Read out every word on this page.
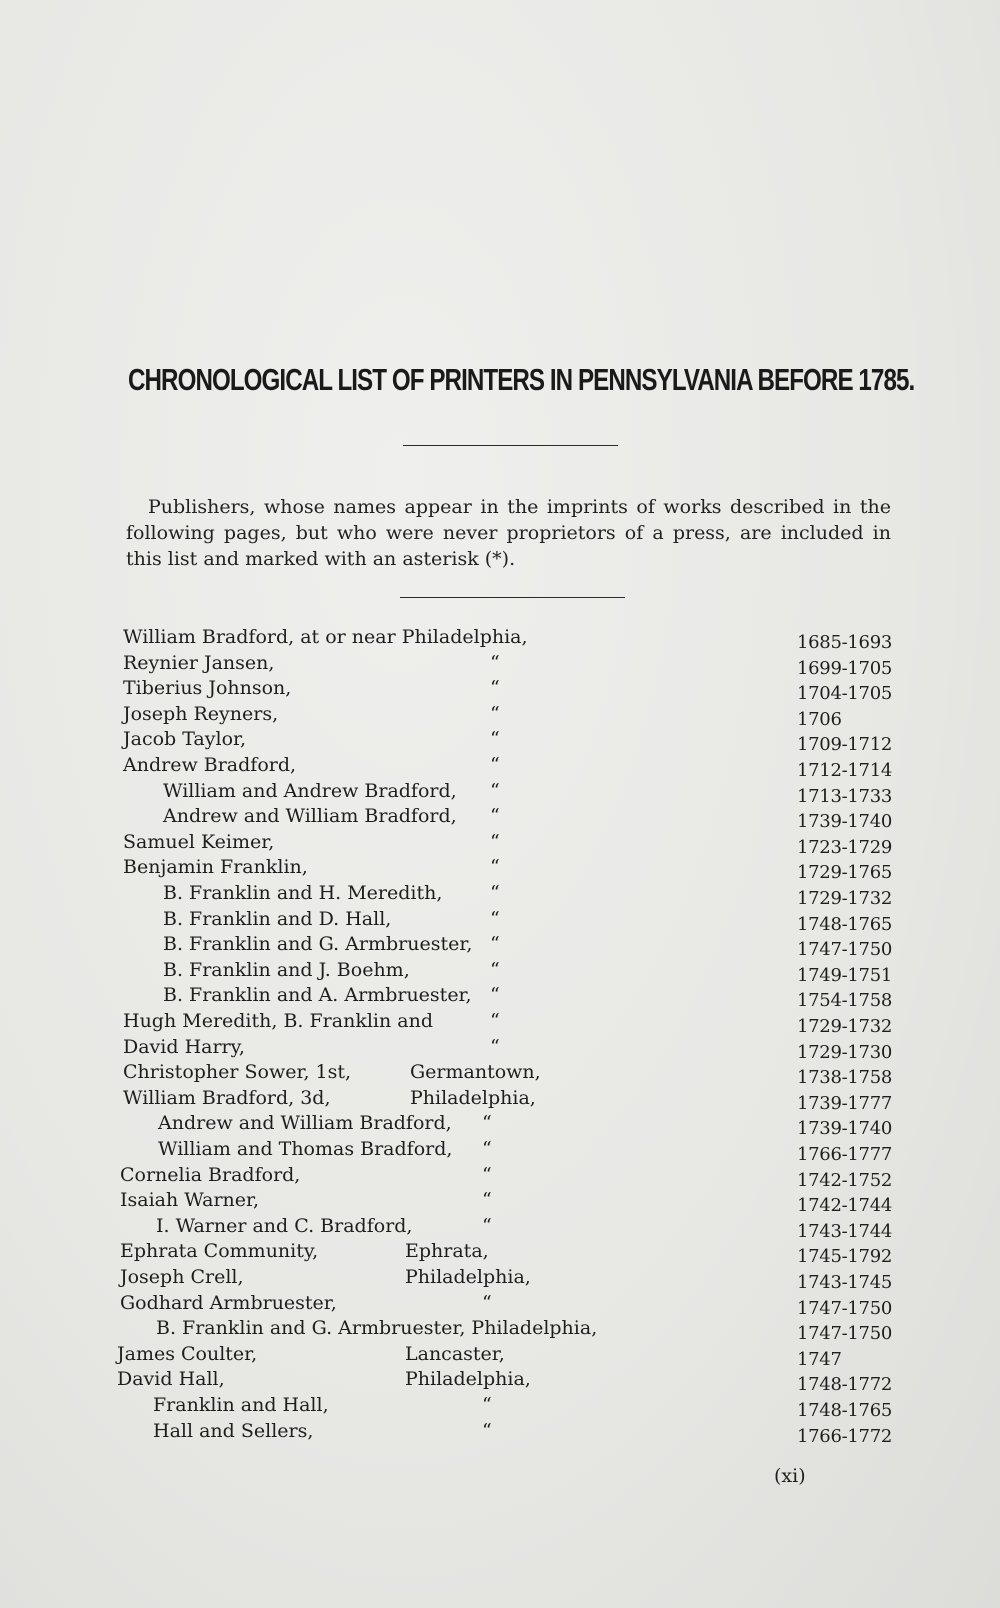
CHRONOLOGICAL LIST OF PRINTERS IN PENNSYLVANIA BEFORE 1785.

Publishers, whose names appear in the imprints of works described in the following pages, but who were never proprietors of a press, are included in this list and marked with an asterisk (*).

William Bradford, at or near Philadelphia,	1685-1693
Reynier Jansen,	“	1699-1705
Tiberius Johnson,	“	1704-1705
Joseph Reyners,	“	1706
Jacob Taylor,	“	1709-1712
Andrew Bradford,	“	1712-1714
William and Andrew Bradford, “	1713-1733
Andrew and William Bradford, “	1739-1740
Samuel Keimer,	“	1723-1729
Benjamin Franklin,	“	1729-1765
B. Franklin and H. Meredith,	“	1729-1732
B. Franklin and D. Hall,	“	1748-1765
B. Franklin and G. Armbruester, “	1747-1750
B. Franklin and J. Boehm,	“	1749-1751
B. Franklin and A. Armbruester, “	1754-1758
Hugh Meredith, B. Franklin and	“	1729-1732
David Harry,	“	1729-1730
Christopher Sower, 1st,	Germantown,	1738-1758
William Bradford, 3d,	Philadelphia,	1739-1777
Andrew and William Bradford, “	1739-1740
William and Thomas Bradford, “	1766-1777
Cornelia Bradford,	“	1742-1752
Isaiah Warner,	“	1742-1744
I. Warner and C. Bradford,	“	1743-1744
Ephrata Community,	Ephrata,	1745-1792
Joseph Crell,	Philadelphia,	1743-1745
Godhard Armbruester,	“	1747-1750
B. Franklin and G. Armbruester, Philadelphia,	1747-1750
James Coulter,	Lancaster,	1747
David Hall,	Philadelphia,	1748-1772
Franklin and Hall,	“	1748-1765
Hall and Sellers,	“	1766-1772
(xi)
